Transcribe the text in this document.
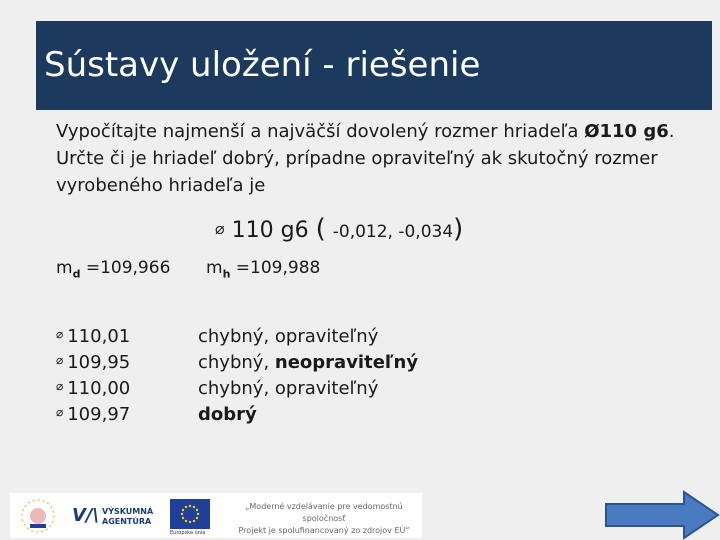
Sústavy uložení - riešenie

Vypočítajte najmenší a najväčší dovolený rozmer hriadeľa Ø110 g6. Určte či je hriadeľ dobrý, prípadne opraviteľný ak skutočný rozmer vyrobeného hriadeľa je

⌀ 110 g6 ( -0,012, -0,034)
$m_d =109,966$ $m_h =109,988$
⌀ 110,01	chybný, opraviteľný
⌀ 109,95	chybný, neopraviteľný
⌀ 110,00	chybný, opraviteľný
⌀ 109,97	dobrý
V/\ VÝSKUMNÁ
AGENTÚRA
Európska únia
„Moderné vzdelávanie pre vedomostnú spoločnosť
Projekt je spolufinancovaný zo zdrojov EÚ“
